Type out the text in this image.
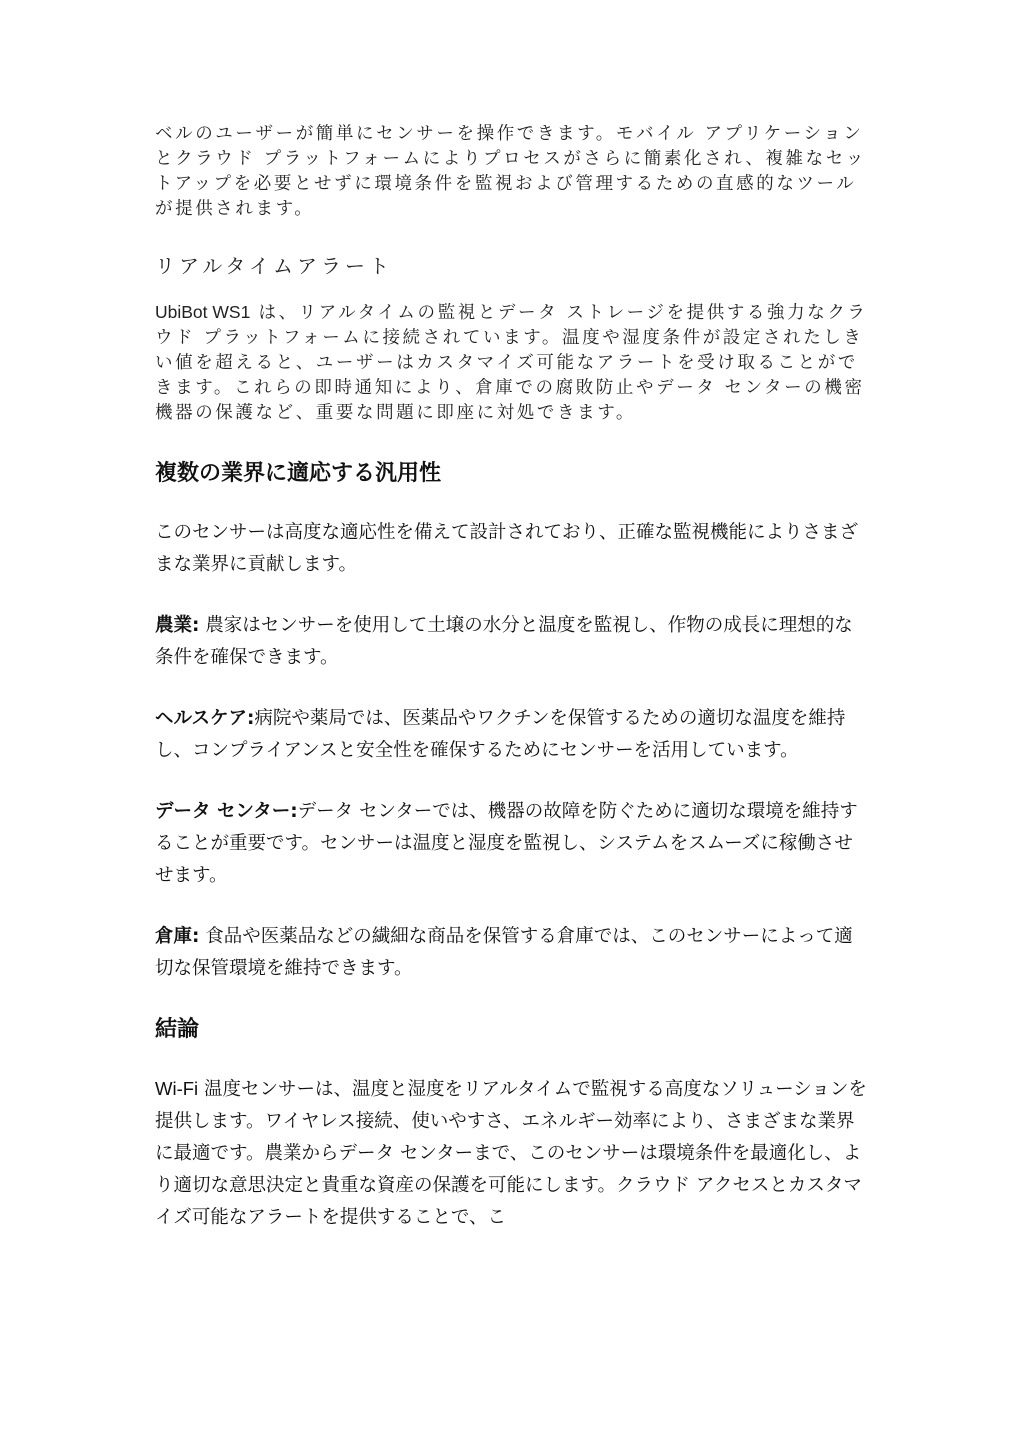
ベルのユーザーが簡単にセンサーを操作できます。モバイル アプリケーションとクラウド プラットフォームによりプロセスがさらに簡素化され、複雑なセットアップを必要とせずに環境条件を監視および管理するための直感的なツールが提供されます。

リアルタイムアラート

UbiBot WS1 は、リアルタイムの監視とデータ ストレージを提供する強力なクラウド プラットフォームに接続されています。温度や湿度条件が設定されたしきい値を超えると、ユーザーはカスタマイズ可能なアラートを受け取ることができます。これらの即時通知により、倉庫での腐敗防止やデータ センターの機密機器の保護など、重要な問題に即座に対処できます。

複数の業界に適応する汎用性

このセンサーは高度な適応性を備えて設計されており、正確な監視機能によりさまざまな業界に貢献します。

農業: 農家はセンサーを使用して土壌の水分と温度を監視し、作物の成長に理想的な条件を確保できます。

ヘルスケア:病院や薬局では、医薬品やワクチンを保管するための適切な温度を維持し、コンプライアンスと安全性を確保するためにセンサーを活用しています。

データ センター:データ センターでは、機器の故障を防ぐために適切な環境を維持することが重要です。センサーは温度と湿度を監視し、システムをスムーズに稼働させせます。

倉庫: 食品や医薬品などの繊細な商品を保管する倉庫では、このセンサーによって適切な保管環境を維持できます。

結論

Wi-Fi 温度センサーは、温度と湿度をリアルタイムで監視する高度なソリューションを提供します。ワイヤレス接続、使いやすさ、エネルギー効率により、さまざまな業界に最適です。農業からデータ センターまで、このセンサーは環境条件を最適化し、より適切な意思決定と貴重な資産の保護を可能にします。クラウド アクセスとカスタマイズ可能なアラートを提供することで、こ
